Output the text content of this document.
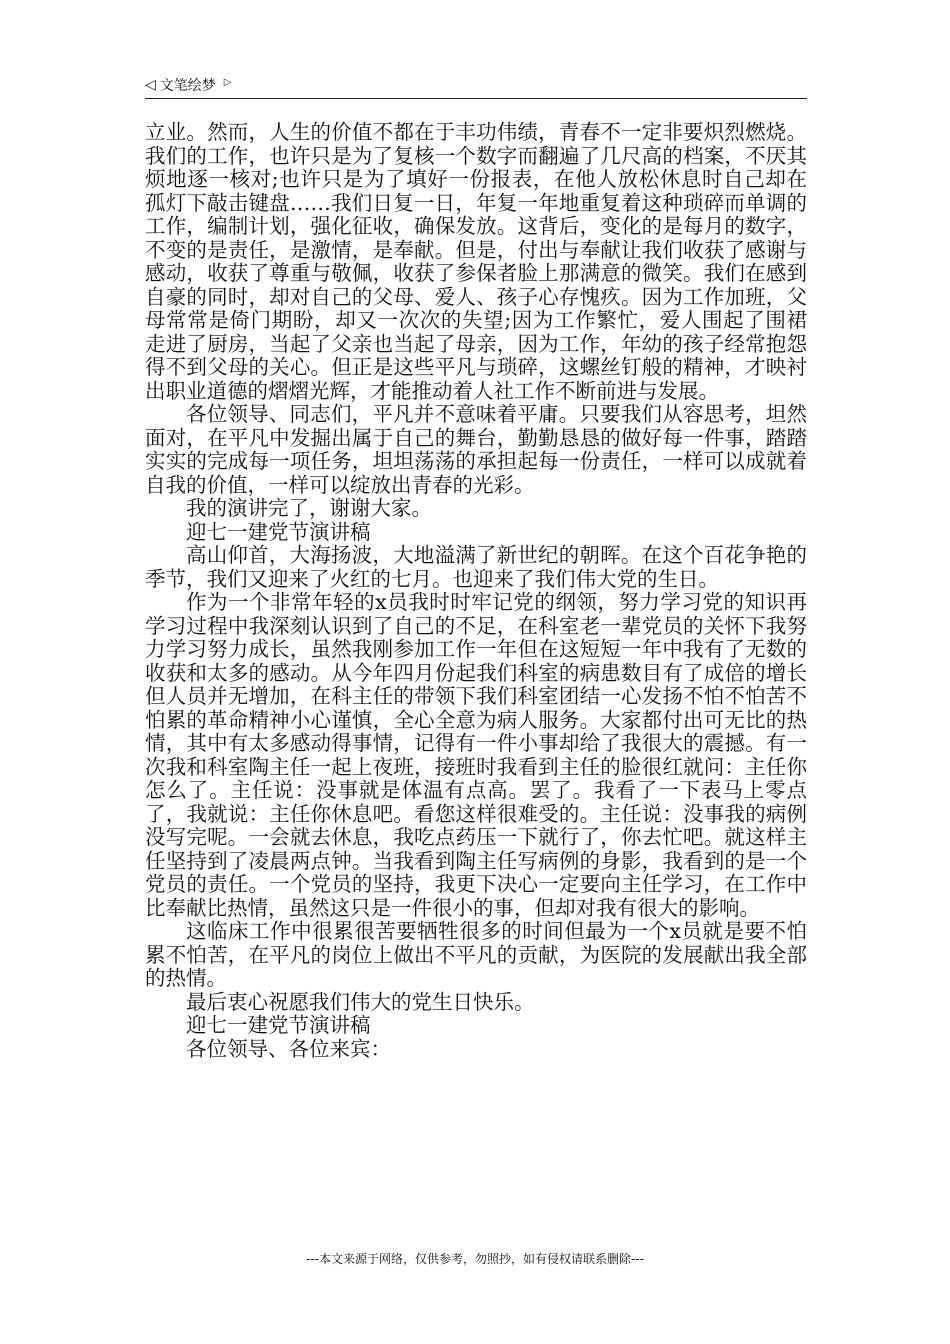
◁ 文笔绘梦 ▷

立业。然而，人生的价值不都在于丰功伟绩，青春不一定非要炽烈燃烧。我们的工作，也许只是为了复核一个数字而翻遍了几尺高的档案，不厌其烦地逐一核对;也许只是为了填好一份报表，在他人放松休息时自己却在孤灯下敲击键盘……我们日复一日，年复一年地重复着这种琐碎而单调的工作，编制计划，强化征收，确保发放。这背后，变化的是每月的数字，不变的是责任，是激情，是奉献。但是，付出与奉献让我们收获了感谢与感动，收获了尊重与敬佩，收获了参保者脸上那满意的微笑。我们在感到自豪的同时，却对自己的父母、爱人、孩子心存愧疚。因为工作加班，父母常常是倚门期盼，却又一次次的失望;因为工作繁忙，爱人围起了围裙走进了厨房，当起了父亲也当起了母亲，因为工作，年幼的孩子经常抱怨得不到父母的关心。但正是这些平凡与琐碎，这螺丝钉般的精神，才映衬出职业道德的熠熠光辉，才能推动着人社工作不断前进与发展。

各位领导、同志们，平凡并不意味着平庸。只要我们从容思考，坦然面对，在平凡中发掘出属于自己的舞台，勤勤恳恳的做好每一件事，踏踏实实的完成每一项任务，坦坦荡荡的承担起每一份责任，一样可以成就着自我的价值，一样可以绽放出青春的光彩。

我的演讲完了，谢谢大家。

迎七一建党节演讲稿

高山仰首，大海扬波，大地溢满了新世纪的朝晖。在这个百花争艳的季节，我们又迎来了火红的七月。也迎来了我们伟大党的生日。

作为一个非常年轻的x员我时时牢记党的纲领，努力学习党的知识再学习过程中我深刻认识到了自己的不足，在科室老一辈党员的关怀下我努力学习努力成长，虽然我刚参加工作一年但在这短短一年中我有了无数的收获和太多的感动。从今年四月份起我们科室的病患数目有了成倍的增长但人员并无增加，在科主任的带领下我们科室团结一心发扬不怕不怕苦不怕累的革命精神小心谨慎，全心全意为病人服务。大家都付出可无比的热情，其中有太多感动得事情，记得有一件小事却给了我很大的震撼。有一次我和科室陶主任一起上夜班，接班时我看到主任的脸很红就问：主任你怎么了。主任说：没事就是体温有点高。罢了。我看了一下表马上零点了，我就说：主任你休息吧。看您这样很难受的。主任说：没事我的病例没写完呢。一会就去休息，我吃点药压一下就行了，你去忙吧。就这样主任坚持到了凌晨两点钟。当我看到陶主任写病例的身影，我看到的是一个党员的责任。一个党员的坚持，我更下决心一定要向主任学习，在工作中比奉献比热情，虽然这只是一件很小的事，但却对我有很大的影响。

这临床工作中很累很苦要牺牲很多的时间但最为一个x员就是要不怕累不怕苦，在平凡的岗位上做出不平凡的贡献，为医院的发展献出我全部的热情。

最后衷心祝愿我们伟大的党生日快乐。

迎七一建党节演讲稿

各位领导、各位来宾：

---本文来源于网络，仅供参考，勿照抄，如有侵权请联系删除---
